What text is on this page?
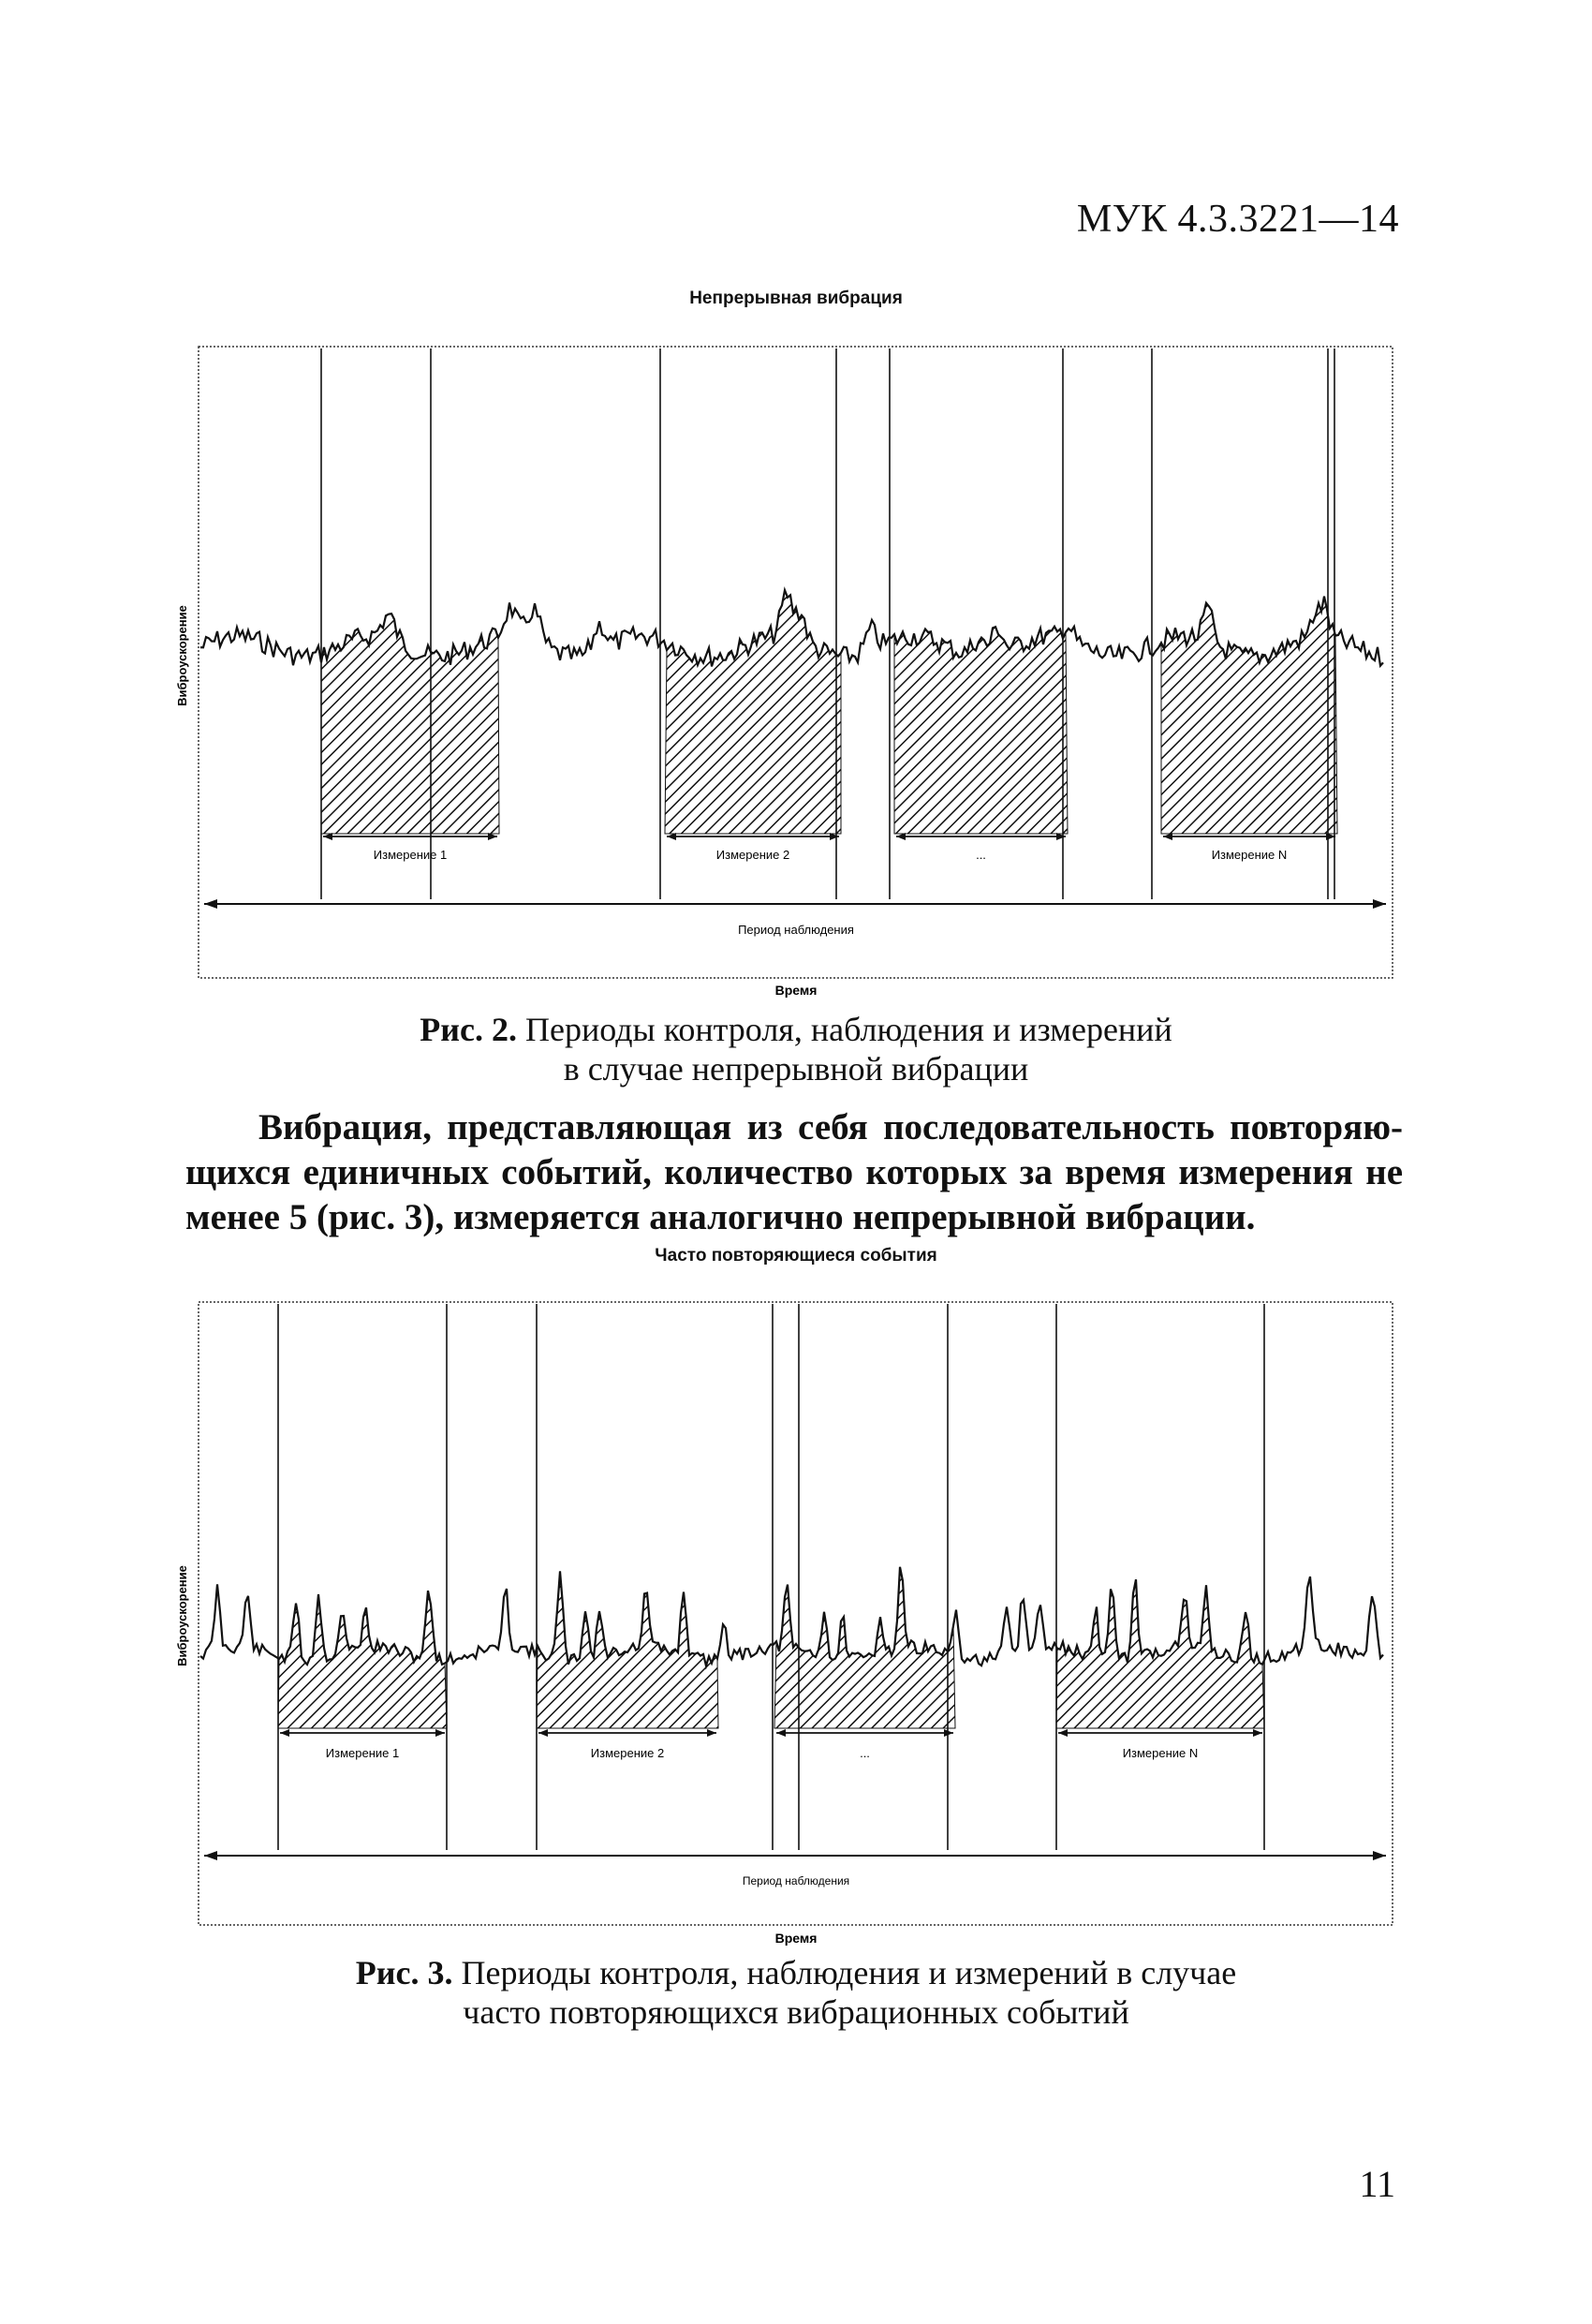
МУК 4.3.3221—14
Непрерывная вибрация
Измерение 1	Измерение 2	...	Измерение N
Период наблюдения
Время
Виброускорение
Рис. 2. Периоды контроля, наблюдения и измерений
в случае непрерывной вибрации
Вибрация, представляющая из себя последовательность повторяю-
щихся единичных событий, количество которых за время измерения не
менее 5 (рис. 3), измеряется аналогично непрерывной вибрации.
Часто повторяющиеся события
Измерение 1	Измерение 2	...	Измерение N
Период наблюдения
Время
Виброускорение
Рис. 3. Периоды контроля, наблюдения и измерений в случае
часто повторяющихся вибрационных событий
11
